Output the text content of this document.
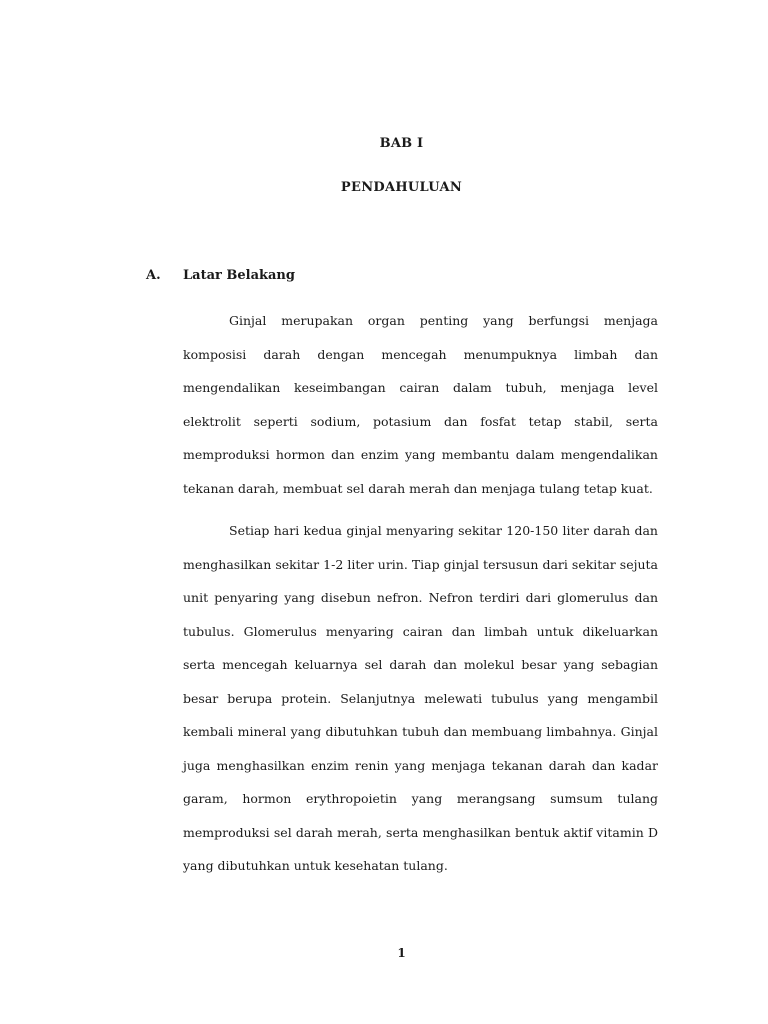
BAB I
PENDAHULUAN
A.	Latar Belakang

Ginjal merupakan organ penting yang berfungsi menjaga komposisi darah dengan mencegah menumpuknya limbah dan mengendalikan keseimbangan cairan dalam tubuh, menjaga level elektrolit seperti sodium, potasium dan fosfat tetap stabil, serta memproduksi hormon dan enzim yang membantu dalam mengendalikan tekanan darah, membuat sel darah merah dan menjaga tulang tetap kuat.

Setiap hari kedua ginjal menyaring sekitar 120-150 liter darah dan menghasilkan sekitar 1-2 liter urin. Tiap ginjal tersusun dari sekitar sejuta unit penyaring yang disebun nefron. Nefron terdiri dari glomerulus dan tubulus. Glomerulus menyaring cairan dan limbah untuk dikeluarkan serta mencegah keluarnya sel darah dan molekul besar yang sebagian besar berupa protein. Selanjutnya melewati tubulus yang mengambil kembali mineral yang dibutuhkan tubuh dan membuang limbahnya. Ginjal juga menghasilkan enzim renin yang menjaga tekanan darah dan kadar garam, hormon erythropoietin yang merangsang sumsum tulang memproduksi sel darah merah, serta menghasilkan bentuk aktif vitamin D yang dibutuhkan untuk kesehatan tulang.

1
